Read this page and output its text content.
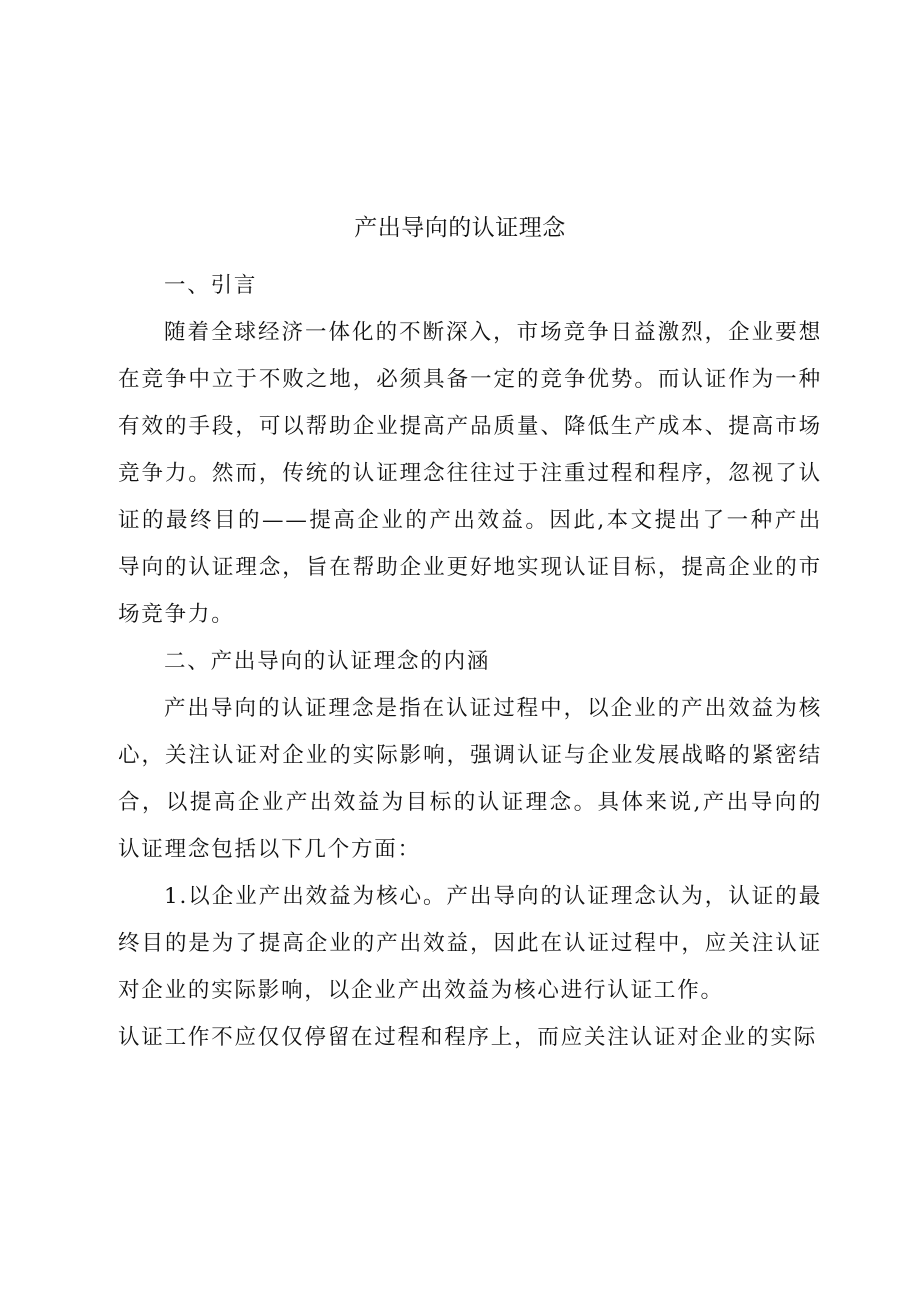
产出导向的认证理念

一、引言

随着全球经济一体化的不断深入，市场竞争日益激烈，企业要想在竞争中立于不败之地，必须具备一定的竞争优势。而认证作为一种有效的手段，可以帮助企业提高产品质量、降低生产成本、提高市场竞争力。然而，传统的认证理念往往过于注重过程和程序，忽视了认证的最终目的——提高企业的产出效益。因此,本文提出了一种产出导向的认证理念，旨在帮助企业更好地实现认证目标，提高企业的市场竞争力。

二、产出导向的认证理念的内涵

产出导向的认证理念是指在认证过程中，以企业的产出效益为核心，关注认证对企业的实际影响，强调认证与企业发展战略的紧密结合，以提高企业产出效益为目标的认证理念。具体来说,产出导向的认证理念包括以下几个方面：

1.以企业产出效益为核心。产出导向的认证理念认为，认证的最终目的是为了提高企业的产出效益，因此在认证过程中，应关注认证对企业的实际影响，以企业产出效益为核心进行认证工作。

认证工作不应仅仅停留在过程和程序上，而应关注认证对企业的实际
